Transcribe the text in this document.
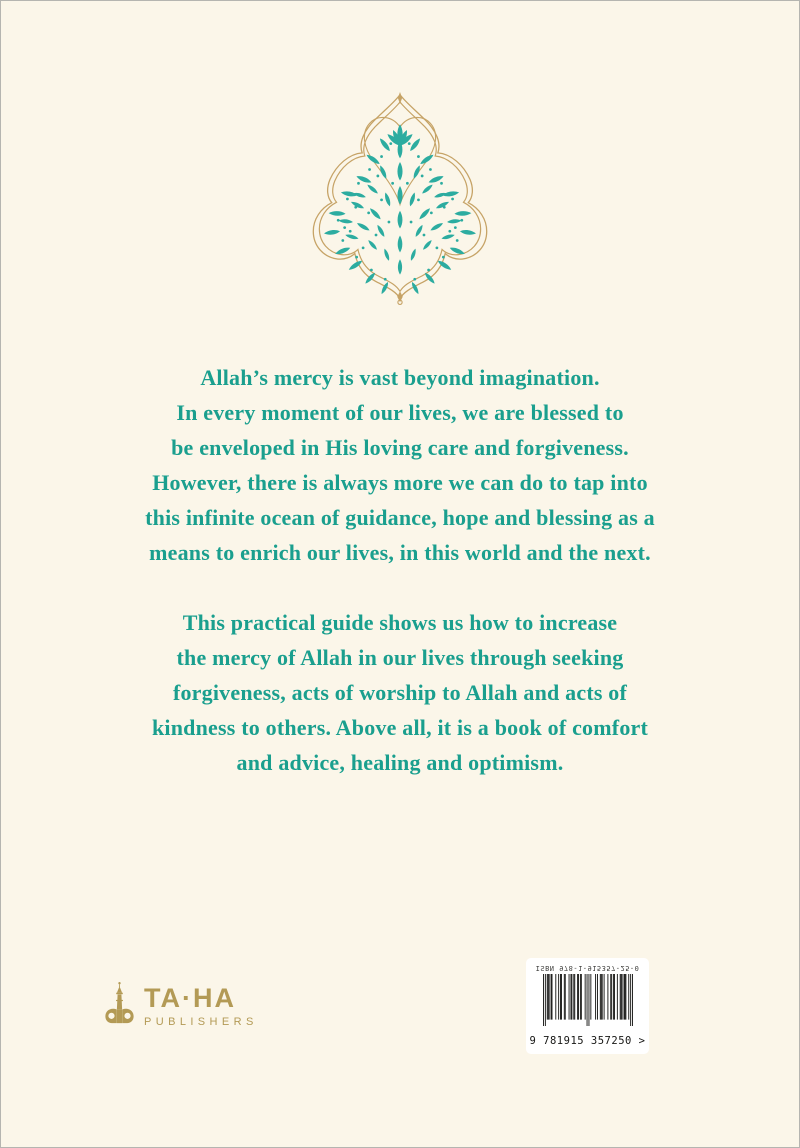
Allah’s mercy is vast beyond imagination.
In every moment of our lives, we are blessed to
be enveloped in His loving care and forgiveness.
However, there is always more we can do to tap into
this infinite ocean of guidance, hope and blessing as a
means to enrich our lives, in this world and the next.
This practical guide shows us how to increase
the mercy of Allah in our lives through seeking
forgiveness, acts of worship to Allah and acts of
kindness to others. Above all, it is a book of comfort
and advice, healing and optimism.
TA·HA
PUBLISHERS
ISBN 978-1-915357-25-0
9 781915 357250 >
